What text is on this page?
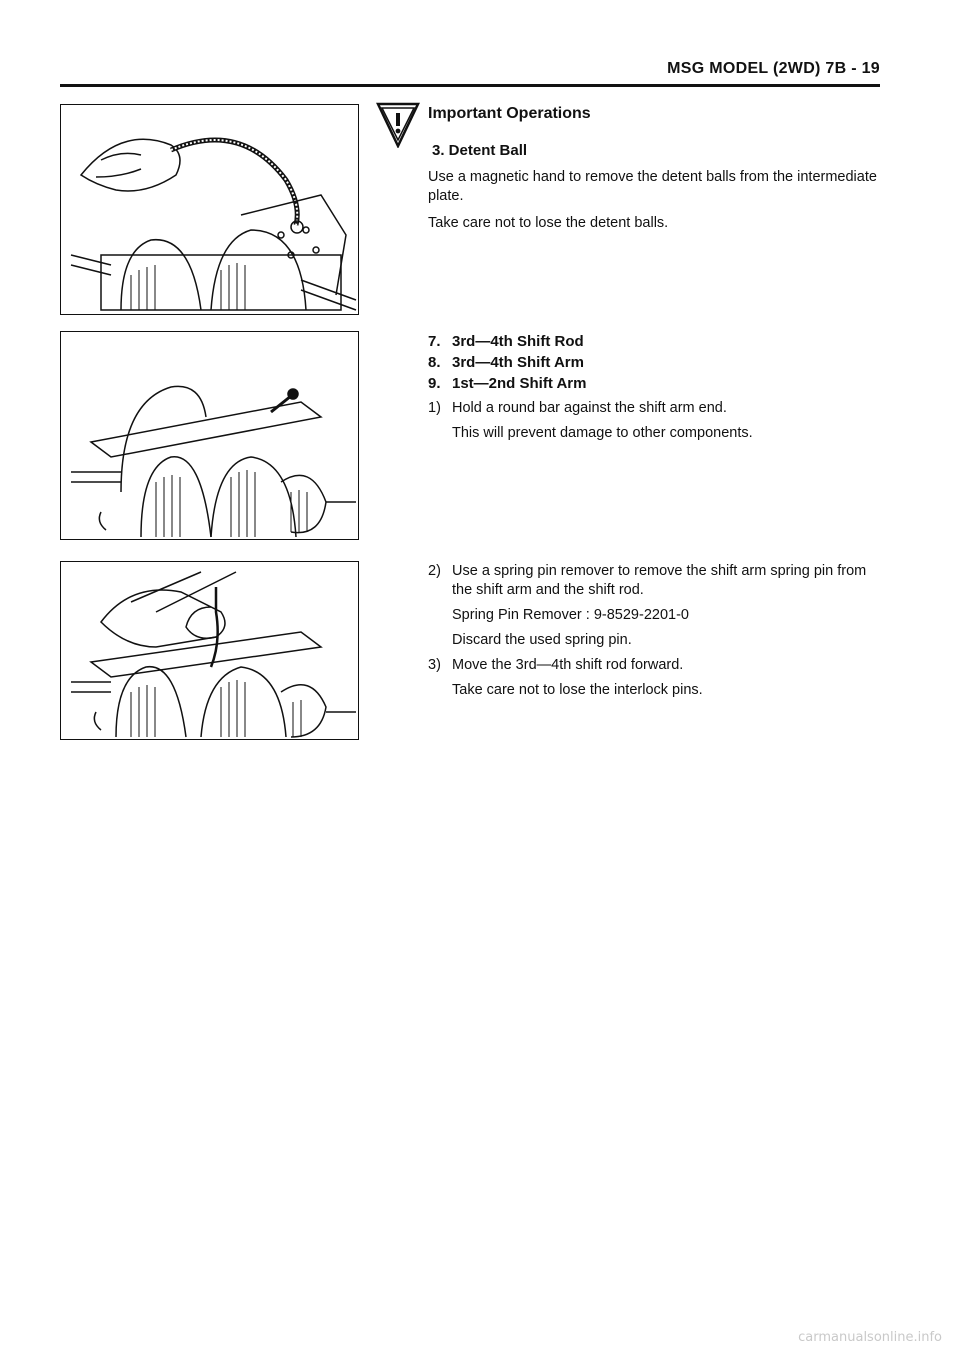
MSG MODEL (2WD) 7B - 19
Important Operations
3. Detent Ball

Use a magnetic hand to remove the detent balls from the intermediate plate.

Take care not to lose the detent balls.

7. 3rd—4th Shift Rod
8. 3rd—4th Shift Arm
9. 1st—2nd Shift Arm
1) Hold a round bar against the shift arm end.

This will prevent damage to other components.

2) Use a spring pin remover to remove the shift arm spring pin from the shift arm and the shift rod.

Spring Pin Remover : 9-8529-2201-0

Discard the used spring pin.

3) Move the 3rd—4th shift rod forward.

Take care not to lose the interlock pins.

carmanualsonline.info
